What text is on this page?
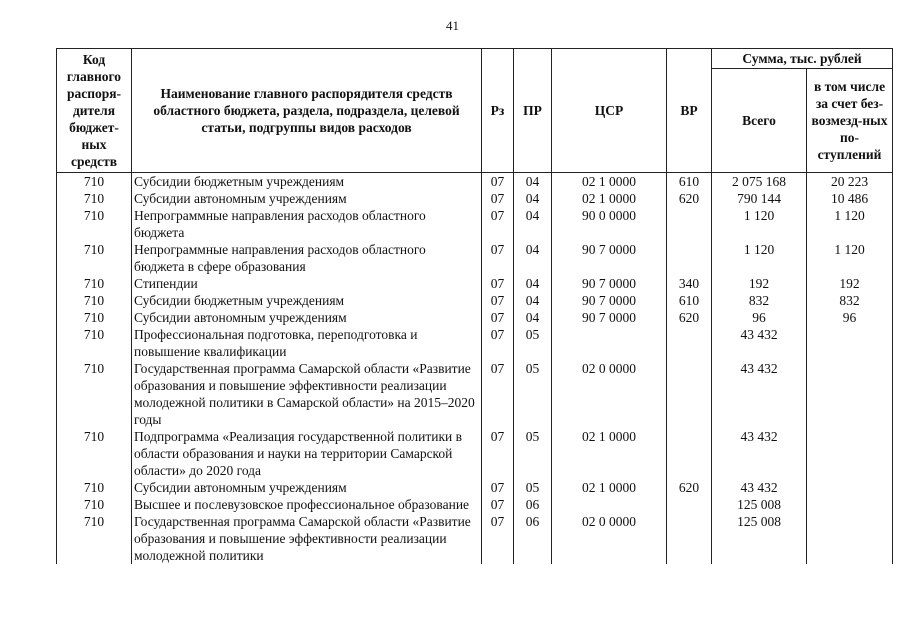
41
Код главного распоря-дителя бюджет-ных средств	Наименование главного распорядителя средств областного бюджета, раздела, подраздела, целевой статьи, подгруппы видов расходов	Рз	ПР	ЦСР	ВР	Сумма, тыс. рублей	
						Всего	в том числе за счет без-возмезд-ных по-ступлений
710	Субсидии бюджетным учреждениям	07	04	02 1 0000	610	2 075 168	20 223
710	Субсидии автономным учреждениям	07	04	02 1 0000	620	790 144	10 486
710	Непрограммные направления расходов областного бюджета	07	04	90 0 0000		1 120	1 120
710	Непрограммные направления расходов областного бюджета в сфере образования	07	04	90 7 0000		1 120	1 120
710	Стипендии	07	04	90 7 0000	340	192	192
710	Субсидии бюджетным учреждениям	07	04	90 7 0000	610	832	832
710	Субсидии автономным учреждениям	07	04	90 7 0000	620	96	96
710	Профессиональная подготовка, переподготовка и повышение квалификации	07	05			43 432	
710	Государственная программа Самарской области «Развитие образования и повышение эффективности реализации молодежной политики в Самарской области» на 2015–2020 годы	07	05	02 0 0000		43 432	
710	Подпрограмма «Реализация государственной политики в области образования и науки на территории Самарской области» до 2020 года	07	05	02 1 0000		43 432	
710	Субсидии автономным учреждениям	07	05	02 1 0000	620	43 432	
710	Высшее и послевузовское профессиональное образование	07	06			125 008	
710	Государственная программа Самарской области «Развитие образования и повышение эффективности реализации молодежной политики	07	06	02 0 0000		125 008	
